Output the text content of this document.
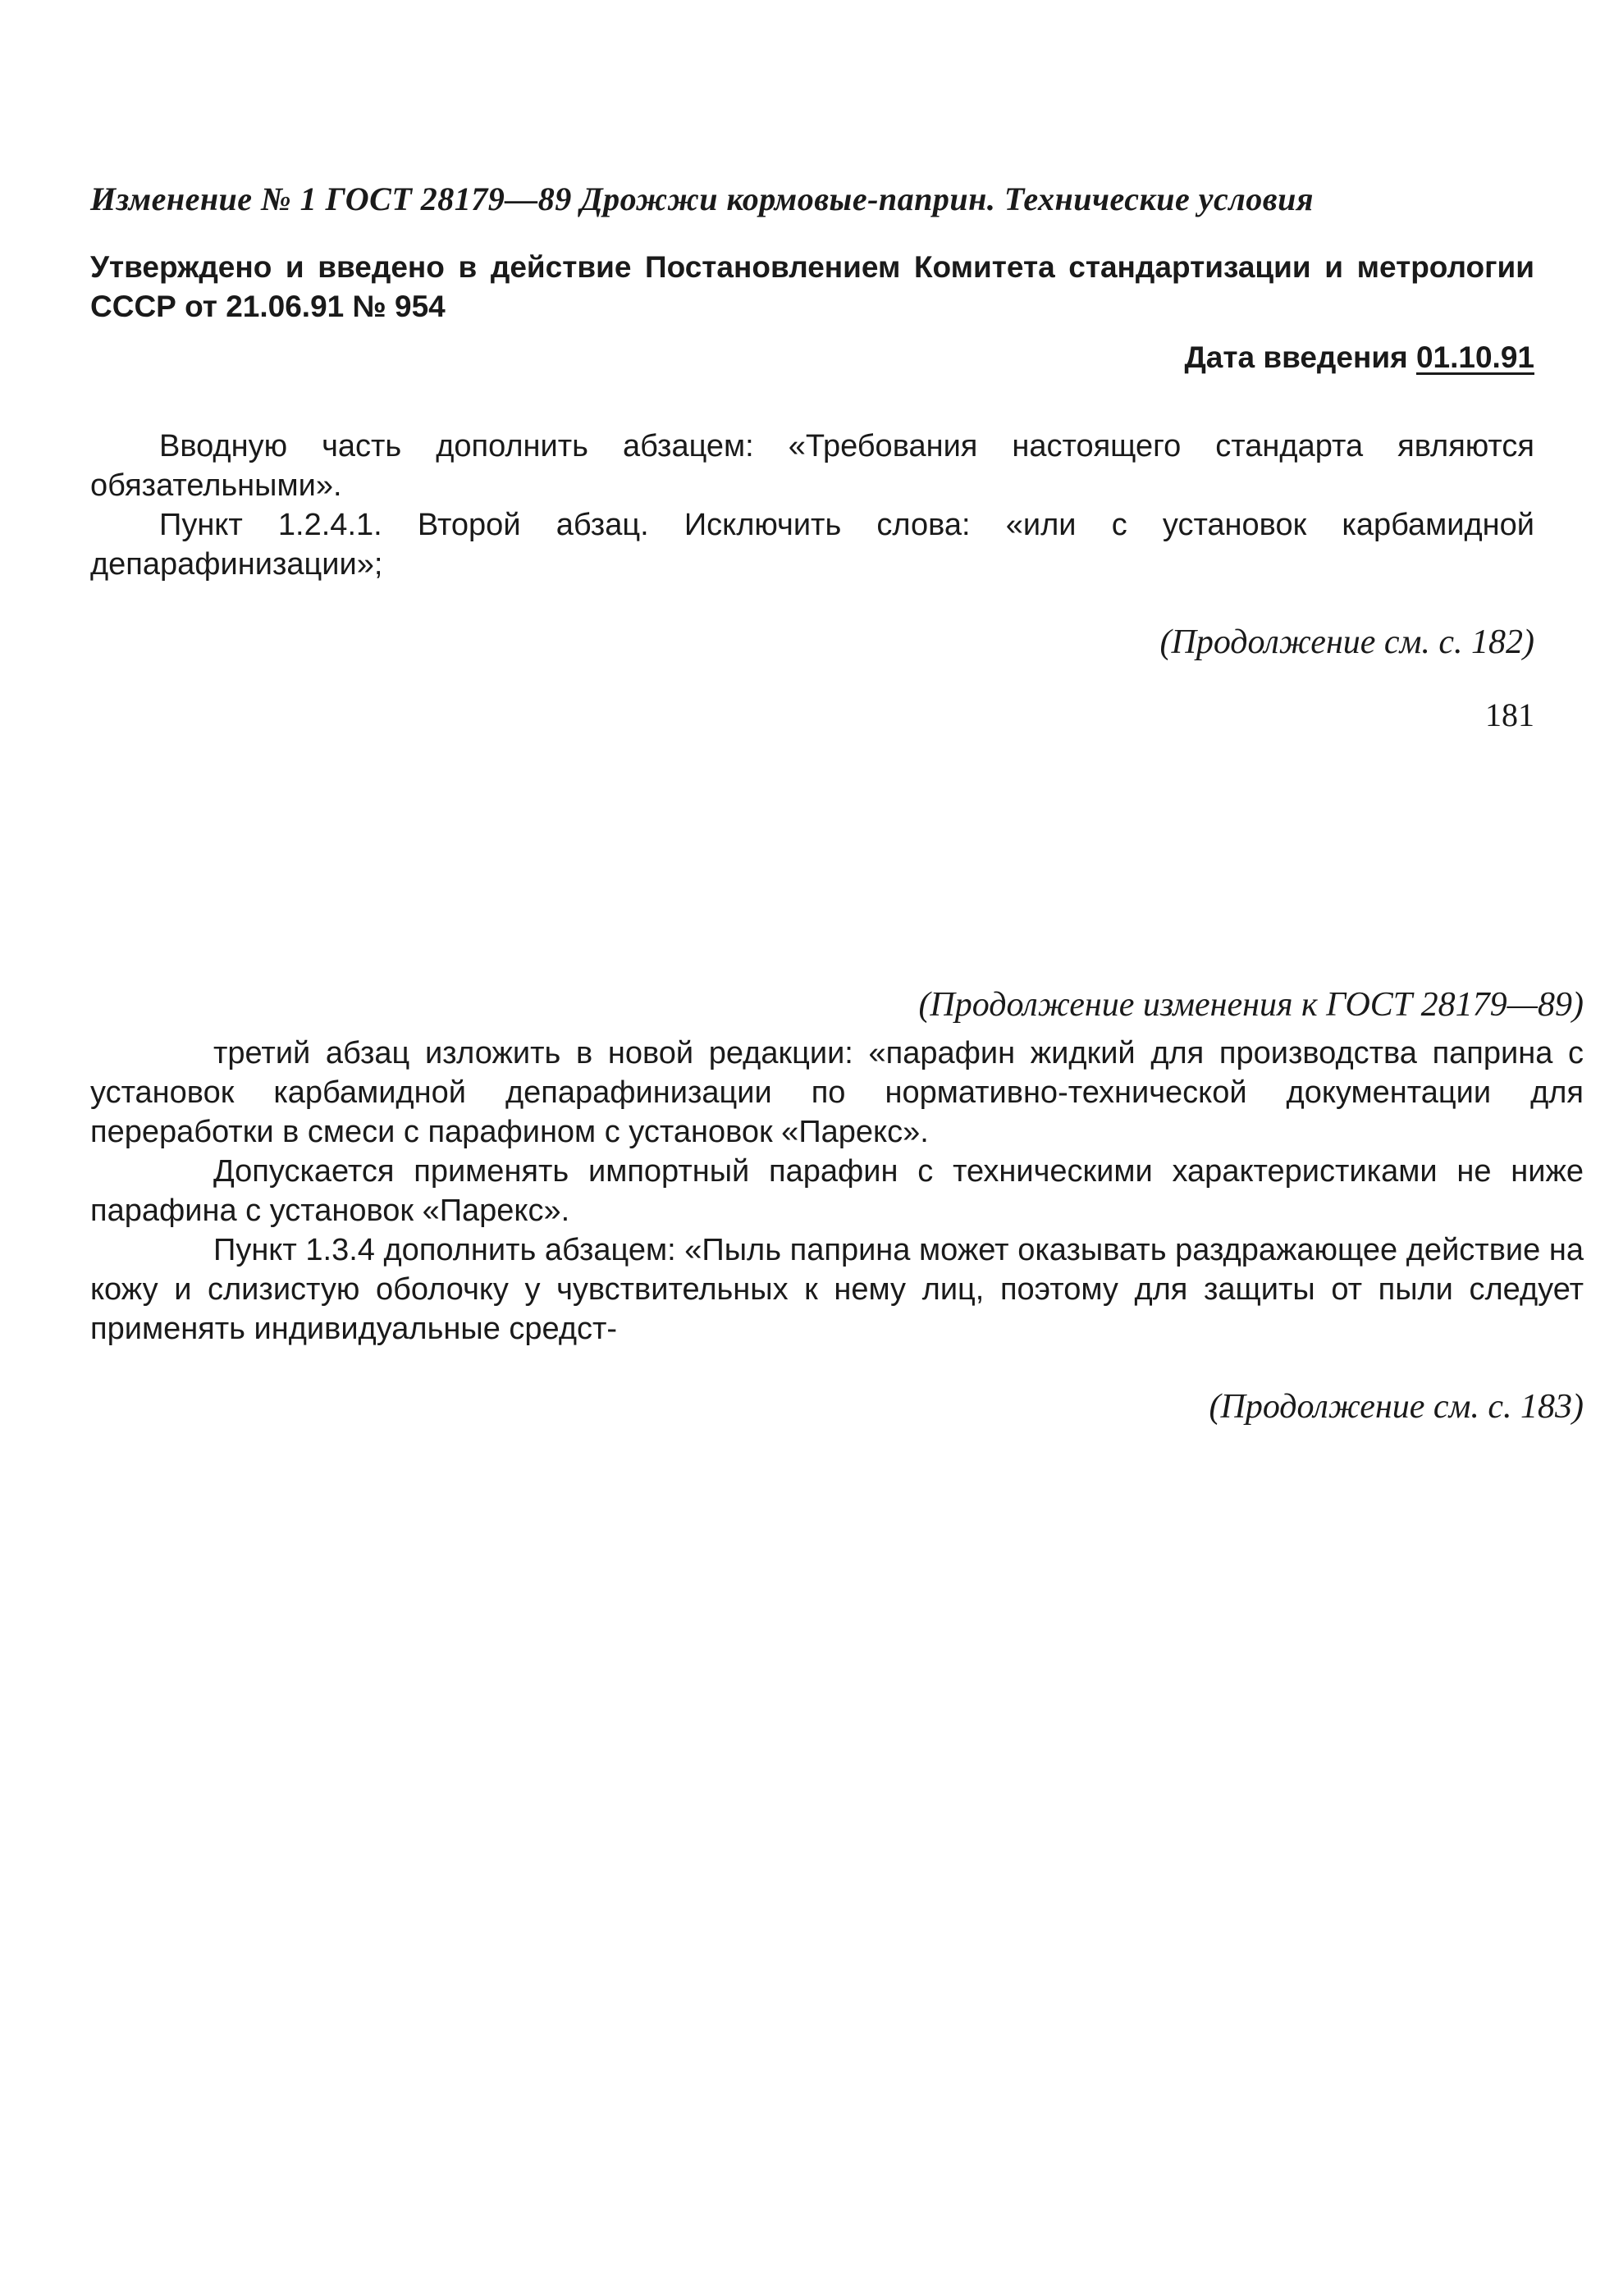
Изменение № 1 ГОСТ 28179—89 Дрожжи кормовые-паприн. Технические условия

Утверждено и введено в действие Постановлением Комитета стандартизации и метрологии СССР от 21.06.91 № 954

Дата введения 01.10.91

Вводную часть дополнить абзацем: «Требования настоящего стандарта являются обязательными».

Пункт 1.2.4.1. Второй абзац. Исключить слова: «или с установок карбамидной депарафинизации»;

(Продолжение см. с. 182)

181

(Продолжение изменения к ГОСТ 28179—89)

третий абзац изложить в новой редакции: «парафин жидкий для производства паприна с установок карбамидной депарафинизации по нормативно-технической документации для переработки в смеси с парафином с установок «Парекс».

Допускается применять импортный парафин с техническими характеристиками не ниже парафина с установок «Парекс».

Пункт 1.3.4 дополнить абзацем: «Пыль паприна может оказывать раздражающее действие на кожу и слизистую оболочку у чувствительных к нему лиц, поэтому для защиты от пыли следует применять индивидуальные средст-

(Продолжение см. с. 183)
